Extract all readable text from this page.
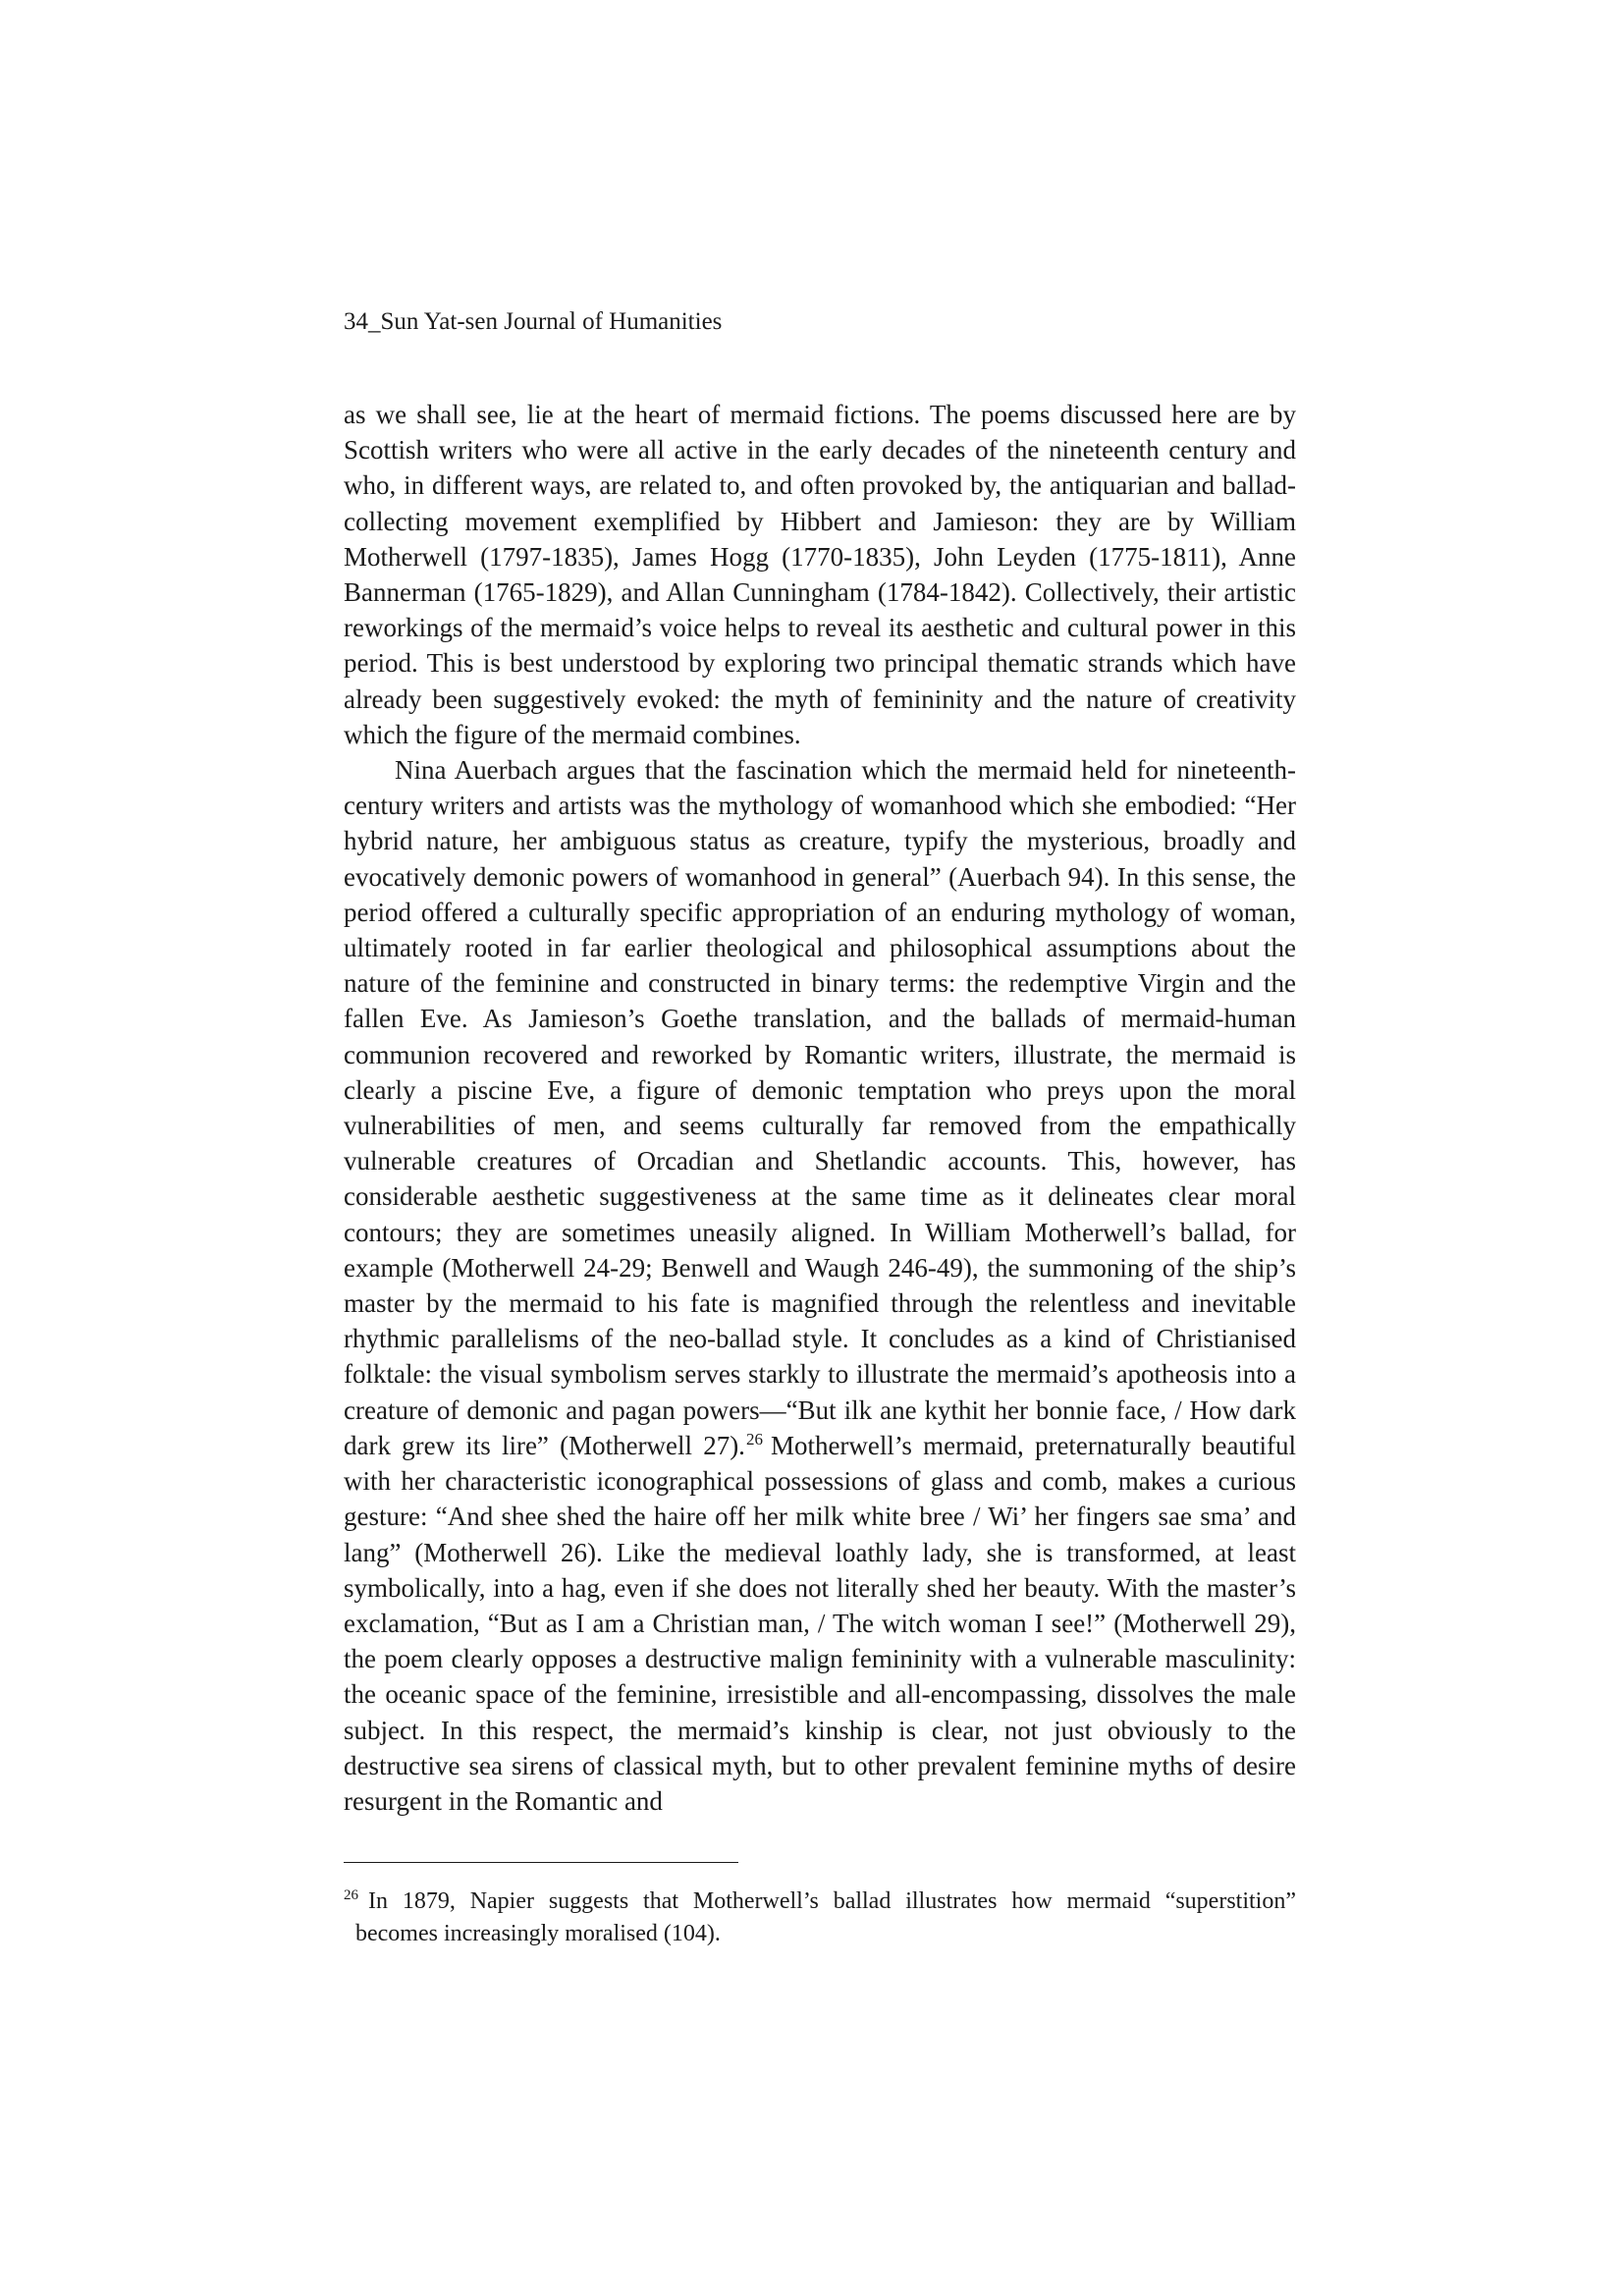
34_Sun Yat-sen Journal of Humanities

as we shall see, lie at the heart of mermaid fictions. The poems discussed here are by Scottish writers who were all active in the early decades of the nineteenth century and who, in different ways, are related to, and often provoked by, the antiquarian and ballad-collecting movement exemplified by Hibbert and Jamieson: they are by William Motherwell (1797-1835), James Hogg (1770-1835), John Leyden (1775-1811), Anne Bannerman (1765-1829), and Allan Cunningham (1784-1842). Collectively, their artistic reworkings of the mermaid’s voice helps to reveal its aesthetic and cultural power in this period. This is best understood by exploring two principal thematic strands which have already been suggestively evoked: the myth of femininity and the nature of creativity which the figure of the mermaid combines.

Nina Auerbach argues that the fascination which the mermaid held for nineteenth-century writers and artists was the mythology of womanhood which she embodied: “Her hybrid nature, her ambiguous status as creature, typify the mysterious, broadly and evocatively demonic powers of womanhood in general” (Auerbach 94). In this sense, the period offered a culturally specific appropriation of an enduring mythology of woman, ultimately rooted in far earlier theological and philosophical assumptions about the nature of the feminine and constructed in binary terms: the redemptive Virgin and the fallen Eve. As Jamieson’s Goethe translation, and the ballads of mermaid-human communion recovered and reworked by Romantic writers, illustrate, the mermaid is clearly a piscine Eve, a figure of demonic temptation who preys upon the moral vulnerabilities of men, and seems culturally far removed from the empathically vulnerable creatures of Orcadian and Shetlandic accounts. This, however, has considerable aesthetic suggestiveness at the same time as it delineates clear moral contours; they are sometimes uneasily aligned. In William Motherwell’s ballad, for example (Motherwell 24-29; Benwell and Waugh 246-49), the summoning of the ship’s master by the mermaid to his fate is magnified through the relentless and inevitable rhythmic parallelisms of the neo-ballad style. It concludes as a kind of Christianised folktale: the visual symbolism serves starkly to illustrate the mermaid’s apotheosis into a creature of demonic and pagan powers—“But ilk ane kythit her bonnie face, / How dark dark grew its lire” (Motherwell 27).$^{26}$ Motherwell’s mermaid, preternaturally beautiful with her characteristic iconographical possessions of glass and comb, makes a curious gesture: “And shee shed the haire off her milk white bree / Wi’ her fingers sae sma’ and lang” (Motherwell 26). Like the medieval loathly lady, she is transformed, at least symbolically, into a hag, even if she does not literally shed her beauty. With the master’s exclamation, “But as I am a Christian man, / The witch woman I see!” (Motherwell 29), the poem clearly opposes a destructive malign femininity with a vulnerable masculinity: the oceanic space of the feminine, irresistible and all-encompassing, dissolves the male subject. In this respect, the mermaid’s kinship is clear, not just obviously to the destructive sea sirens of classical myth, but to other prevalent feminine myths of desire resurgent in the Romantic and

$^{26}$ In 1879, Napier suggests that Motherwell’s ballad illustrates how mermaid “superstition”
becomes increasingly moralised (104).
